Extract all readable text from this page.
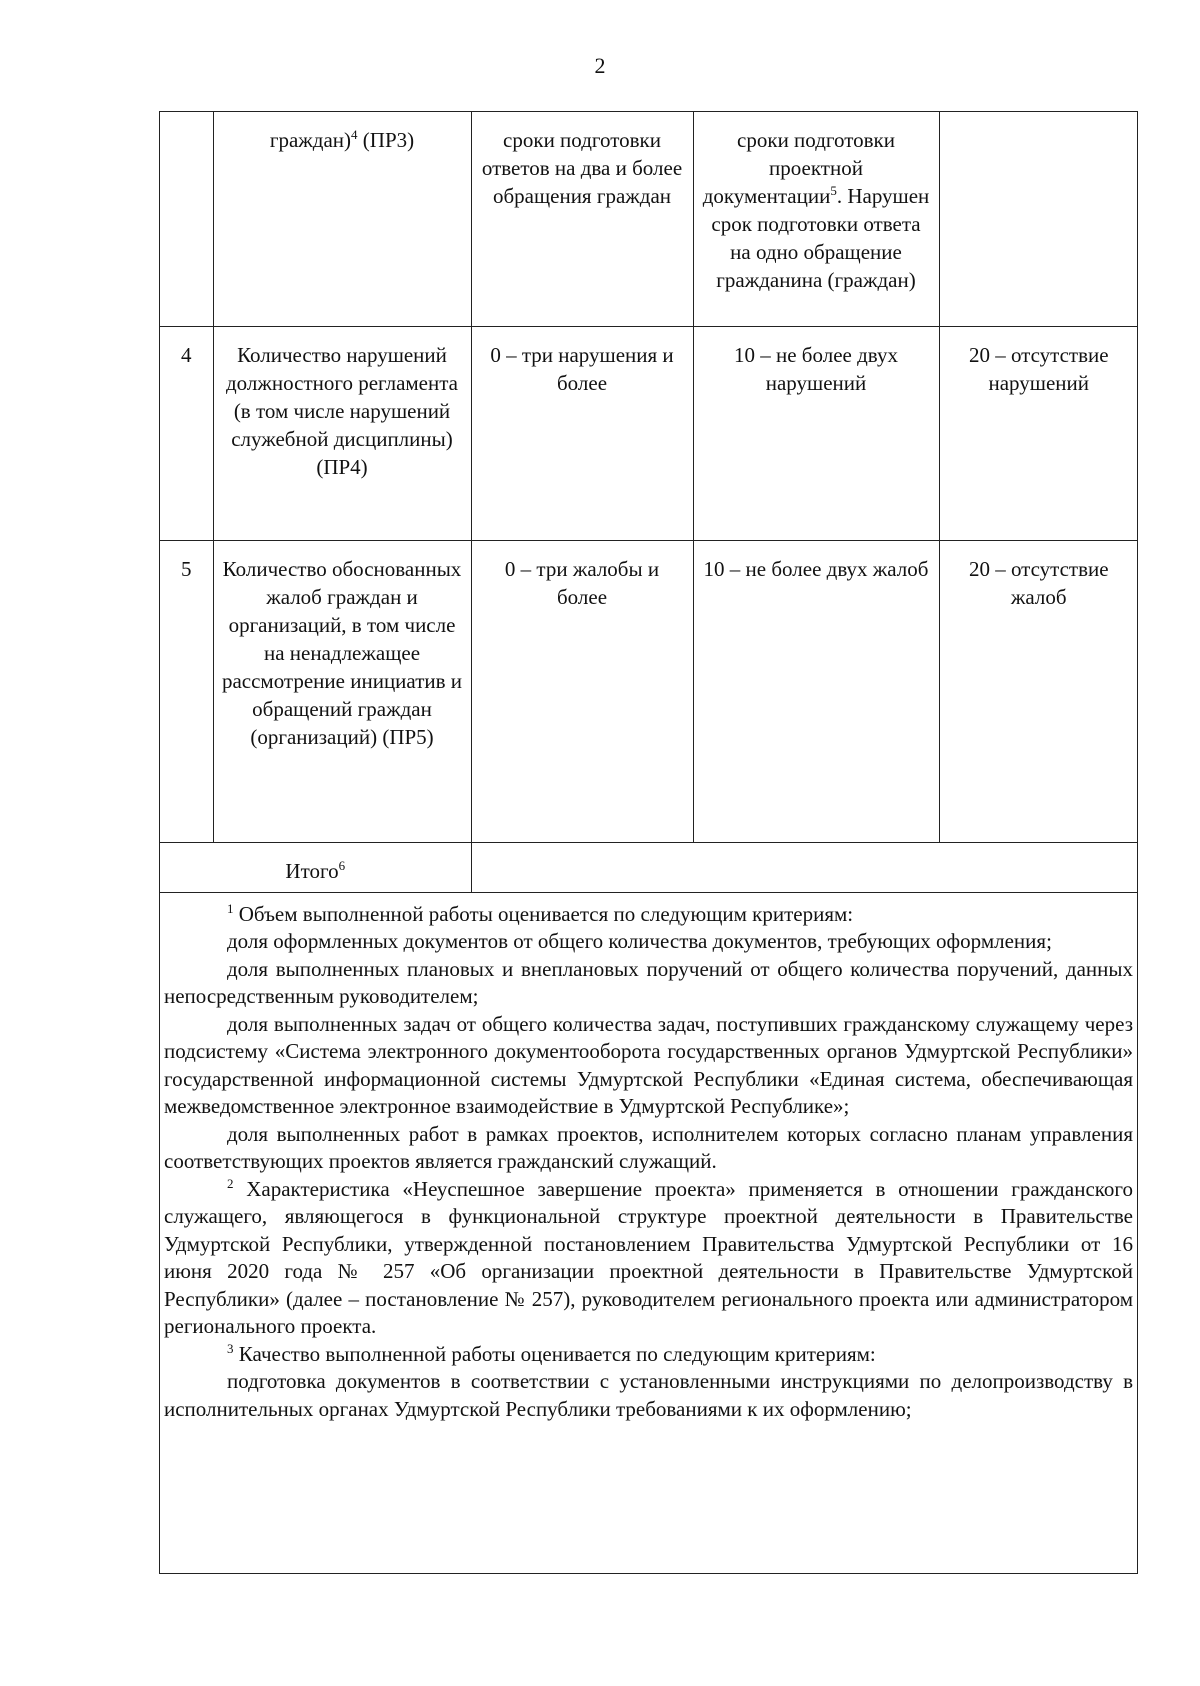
2
	граждан)$^4$ (ПР3)	сроки подготовки ответов на два и более обращения граждан	сроки подготовки проектной документации$^5$. Нарушен срок подготовки ответа на одно обращение гражданина (граждан)	
4	Количество нарушений должностного регламента (в том числе нарушений служебной дисциплины) (ПР4)	0 – три нарушения и более	10 – не более двух нарушений	20 – отсутствие нарушений
5	Количество обоснованных жалоб граждан и организаций, в том числе на ненадлежащее рассмотрение инициатив и обращений граждан (организаций) (ПР5)	0 – три жалобы и более	10 – не более двух жалоб	20 – отсутствие жалоб
Итого$^6$	

$^1$ Объем выполненной работы оценивается по следующим критериям:

доля оформленных документов от общего количества документов, требующих оформления;

доля выполненных плановых и внеплановых поручений от общего количества поручений, данных непосредственным руководителем;

доля выполненных задач от общего количества задач, поступивших гражданскому служащему через подсистему «Система электронного документооборота государственных органов Удмуртской Республики» государственной информационной системы Удмуртской Республики «Единая система, обеспечивающая межведомственное электронное взаимодействие в Удмуртской Республике»;

доля выполненных работ в рамках проектов, исполнителем которых согласно планам управления соответствующих проектов является гражданский служащий.

$^2$ Характеристика «Неуспешное завершение проекта» применяется в отношении гражданского служащего, являющегося в функциональной структуре проектной деятельности в Правительстве Удмуртской Республики, утвержденной постановлением Правительства Удмуртской Республики от 16 июня 2020 года № 257 «Об организации проектной деятельности в Правительстве Удмуртской Республики» (далее – постановление № 257), руководителем регионального проекта или администратором регионального проекта.

$^3$ Качество выполненной работы оценивается по следующим критериям:

подготовка документов в соответствии с установленными инструкциями по делопроизводству в исполнительных органах Удмуртской Республики требованиями к их оформлению;
